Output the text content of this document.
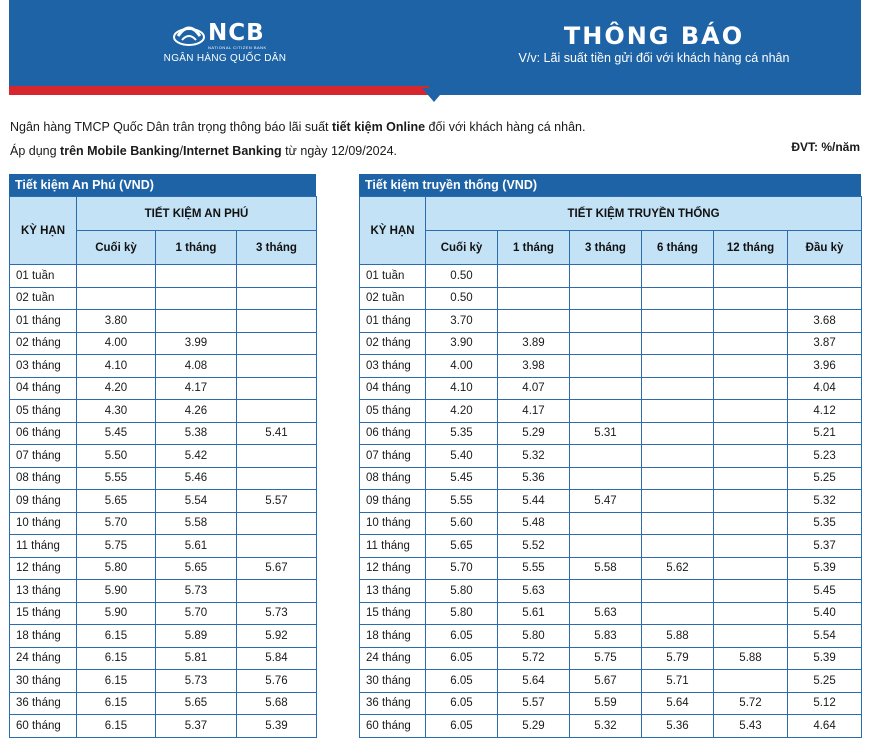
NCB
NATIONAL CITIZEN BANK
NGÂN HÀNG QUỐC DÂN
THÔNG BÁO
V/v: Lãi suất tiền gửi đối với khách hàng cá nhân
Ngân hàng TMCP Quốc Dân trân trọng thông báo lãi suất tiết kiệm Online đối với khách hàng cá nhân.
Áp dụng trên Mobile Banking/Internet Banking từ ngày 12/09/2024.	ĐVT: %/năm
Tiết kiệm An Phú (VND)
KỲ HẠN	TIẾT KIỆM AN PHÚ		
	Cuối kỳ	1 tháng	3 tháng
01 tuần			
02 tuần			
01 tháng	3.80		
02 tháng	4.00	3.99	
03 tháng	4.10	4.08	
04 tháng	4.20	4.17	
05 tháng	4.30	4.26	
06 tháng	5.45	5.38	5.41
07 tháng	5.50	5.42	
08 tháng	5.55	5.46	
09 tháng	5.65	5.54	5.57
10 tháng	5.70	5.58	
11 tháng	5.75	5.61	
12 tháng	5.80	5.65	5.67
13 tháng	5.90	5.73	
15 tháng	5.90	5.70	5.73
18 tháng	6.15	5.89	5.92
24 tháng	6.15	5.81	5.84
30 tháng	6.15	5.73	5.76
36 tháng	6.15	5.65	5.68
60 tháng	6.15	5.37	5.39
Tiết kiệm truyền thống (VND)
KỲ HẠN	TIẾT KIỆM TRUYỀN THỐNG					
	Cuối kỳ	1 tháng	3 tháng	6 tháng	12 tháng	Đầu kỳ
01 tuần	0.50					
02 tuần	0.50					
01 tháng	3.70					3.68
02 tháng	3.90	3.89				3.87
03 tháng	4.00	3.98				3.96
04 tháng	4.10	4.07				4.04
05 tháng	4.20	4.17				4.12
06 tháng	5.35	5.29	5.31			5.21
07 tháng	5.40	5.32				5.23
08 tháng	5.45	5.36				5.25
09 tháng	5.55	5.44	5.47			5.32
10 tháng	5.60	5.48				5.35
11 tháng	5.65	5.52				5.37
12 tháng	5.70	5.55	5.58	5.62		5.39
13 tháng	5.80	5.63				5.45
15 tháng	5.80	5.61	5.63			5.40
18 tháng	6.05	5.80	5.83	5.88		5.54
24 tháng	6.05	5.72	5.75	5.79	5.88	5.39
30 tháng	6.05	5.64	5.67	5.71		5.25
36 tháng	6.05	5.57	5.59	5.64	5.72	5.12
60 tháng	6.05	5.29	5.32	5.36	5.43	4.64
